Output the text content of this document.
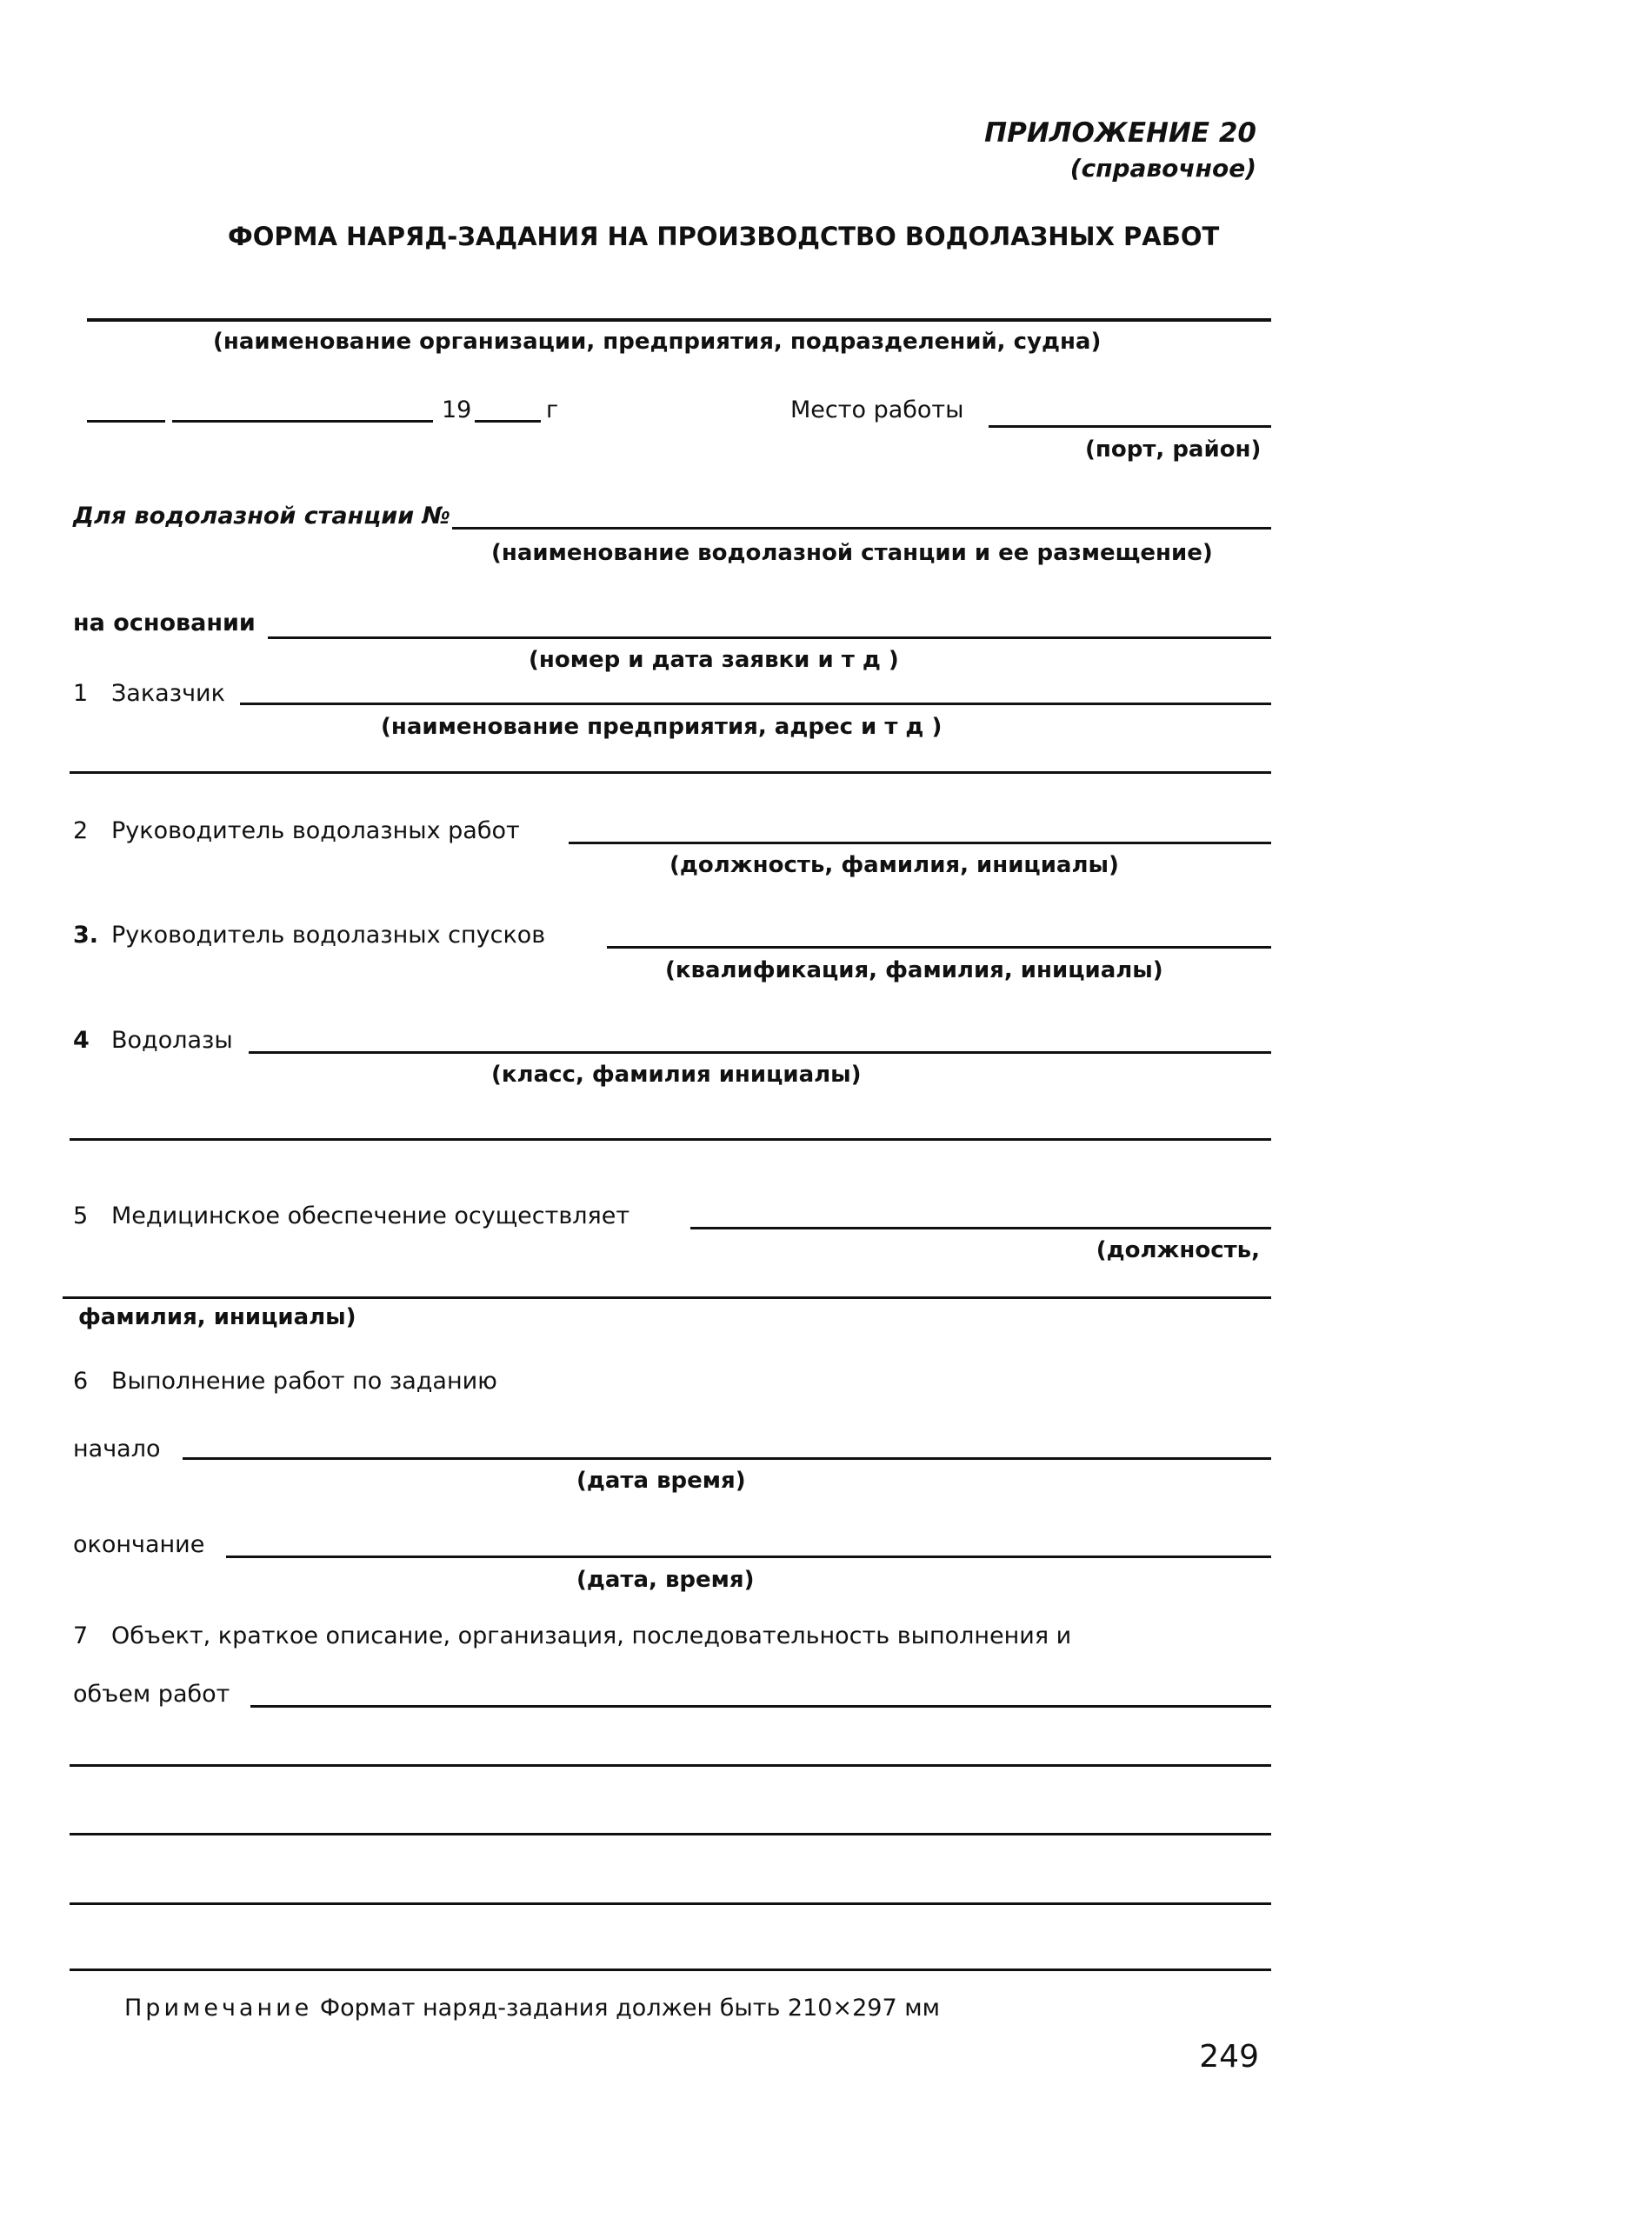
ПРИЛОЖЕНИЕ 20
(справочное)
ФОРМА НАРЯД-ЗАДАНИЯ НА ПРОИЗВОДСТВО ВОДОЛАЗНЫХ РАБОТ
(наименование организации, предприятия, подразделений, судна)
19	г	Место работы
(порт, район)
Для водолазной станции №
(наименование водолазной станции и ее размещение)
на основании
(номер и дата заявки и т д )
1 Заказчик
(наименование предприятия, адрес и т д )
2 Руководитель водолазных работ
(должность, фамилия, инициалы)
3. Руководитель водолазных спусков
(квалификация, фамилия, инициалы)
4 Водолазы
(класс, фамилия инициалы)
5 Медицинское обеспечение осуществляет
(должность,
фамилия, инициалы)
6 Выполнение работ по заданию
начало
(дата время)
окончание
(дата, время)
7 Объект, краткое описание, организация, последовательность выполнения и
объем работ
Примечание Формат наряд-задания должен быть 210×297 мм
249
